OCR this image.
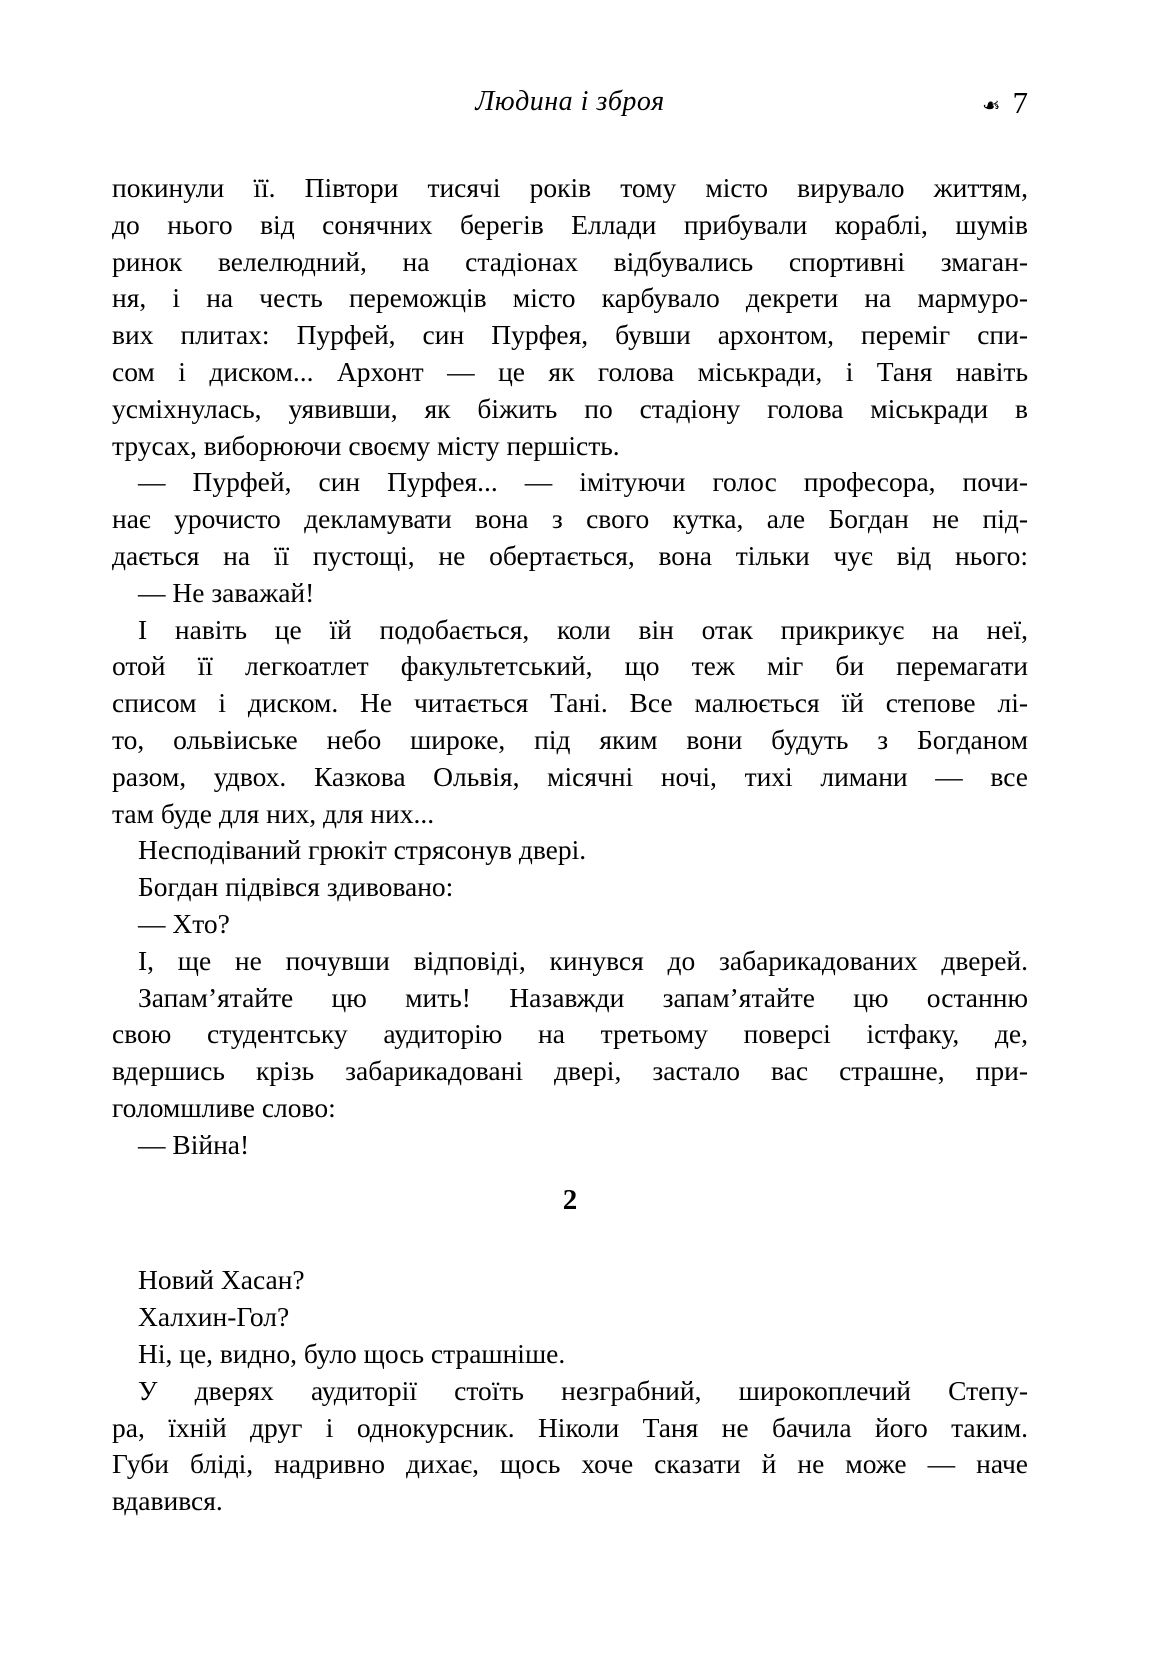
Людина і зброя	❧ 7
покинули її. Півтори тисячі років тому місто вирувало життям,
до нього від сонячних берегів Еллади прибували кораблі, шумів
ринок велелюдний, на стадіонах відбувались спортивні змаган-
ня, і на честь переможців місто карбувало декрети на мармуро-
вих плитах: Пурфей, син Пурфея, бувши архонтом, переміг спи-
сом і диском... Архонт — це як голова міськради, і Таня навіть
усміхнулась, уявивши, як біжить по стадіону голова міськради в
трусах, виборюючи своєму місту першість.
— Пурфей, син Пурфея... — імітуючи голос професора, почи-
нає урочисто декламувати вона з свого кутка, але Богдан не під-
дається на її пустощі, не обертається, вона тільки чує від нього:
— Не заважай!
І навіть це їй подобається, коли він отак прикрикує на неї,
отой її легкоатлет факультетський, що теж міг би перемагати
списом і диском. Не читається Тані. Все малюється їй степове лі-
то, ольвіиське небо широке, під яким вони будуть з Богданом
разом, удвох. Казкова Ольвія, місячні ночі, тихі лимани — все
там буде для них, для них...
Несподіваний грюкіт стрясонув двері.
Богдан підвівся здивовано:
— Хто?
І, ще не почувши відповіді, кинувся до забарикадованих дверей.
Запам’ятайте цю мить! Назавжди запам’ятайте цю останню
свою студентську аудиторію на третьому поверсі істфаку, де,
вдершись крізь забарикадовані двері, застало вас страшне, при-
голомшливе слово:
— Війна!
2
Новий Хасан?
Халхин-Гол?
Ні, це, видно, було щось страшніше.
У дверях аудиторії стоїть незграбний, широкоплечий Степу-
ра, їхній друг і однокурсник. Ніколи Таня не бачила його таким.
Губи бліді, надривно дихає, щось хоче сказати й не може — наче
вдавився.
